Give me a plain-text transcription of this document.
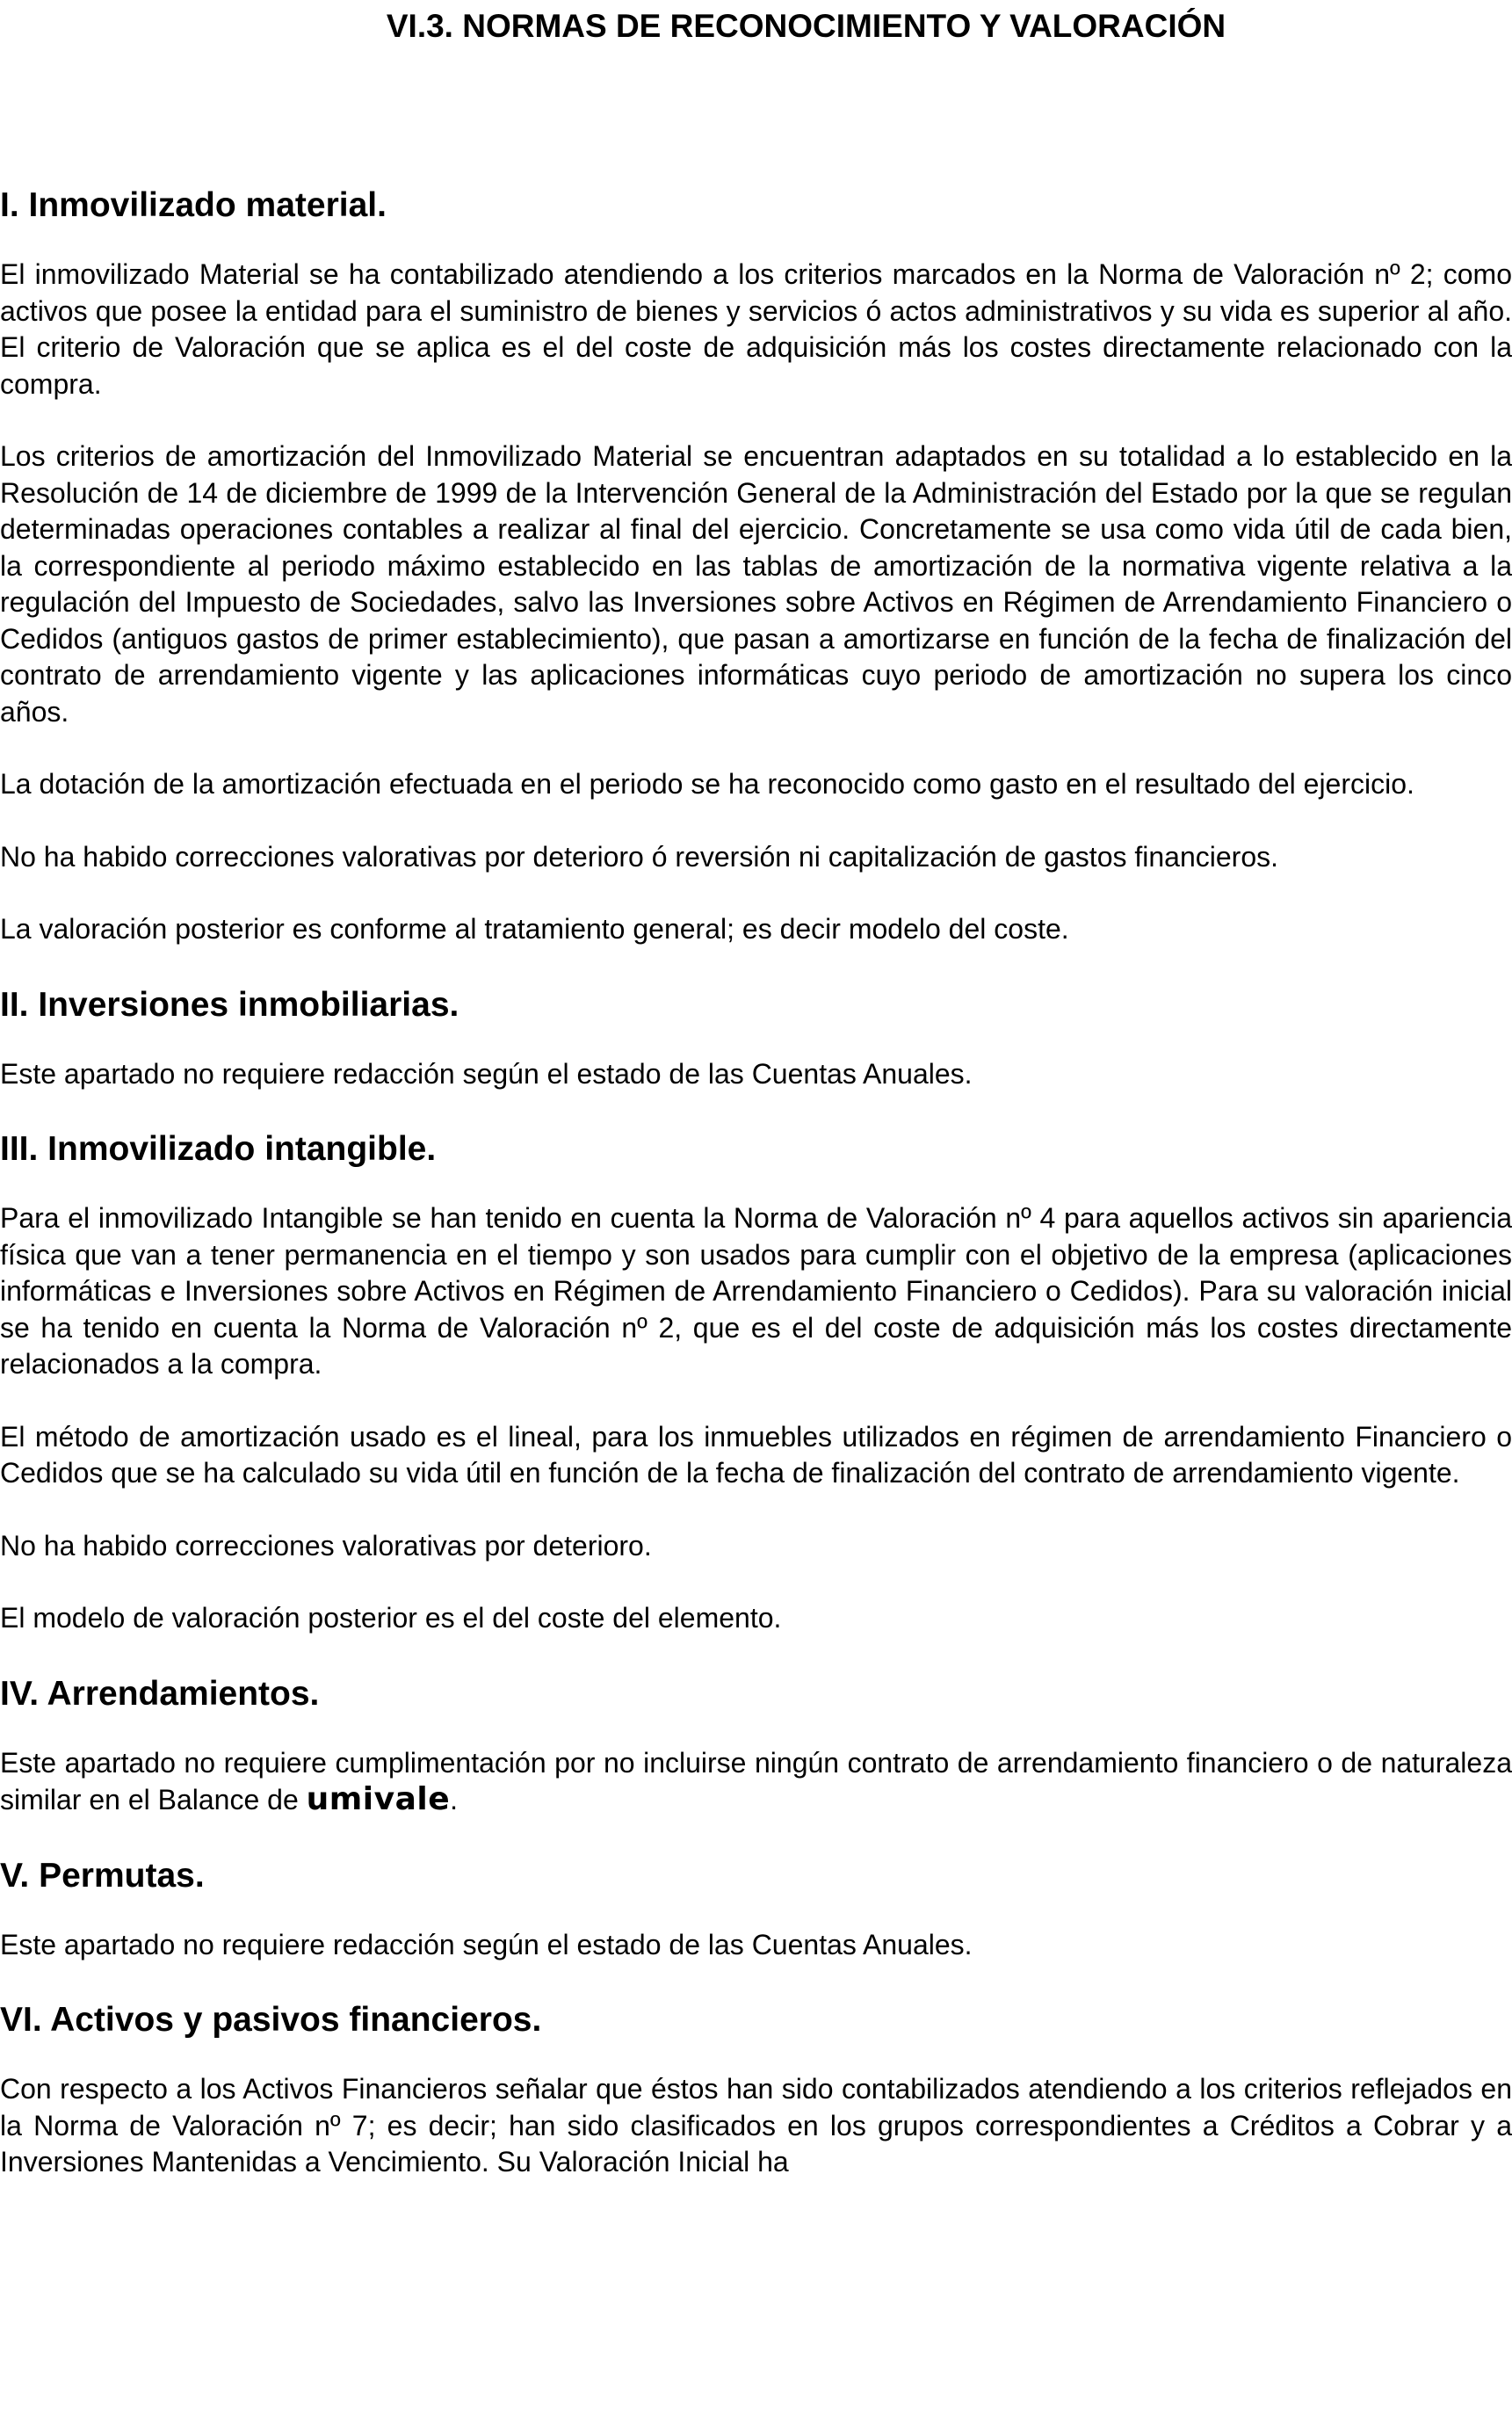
VI.3. NORMAS DE RECONOCIMIENTO Y VALORACIÓN
I. Inmovilizado material.

El inmovilizado Material se ha contabilizado atendiendo a los criterios marcados en la Norma de Valoración nº 2; como activos que posee la entidad para el suministro de bienes y servicios ó actos administrativos y su vida es superior al año. El criterio de Valoración que se aplica es el del coste de adquisición más los costes directamente relacionado con la compra.

Los criterios de amortización del Inmovilizado Material se encuentran adaptados en su totalidad a lo establecido en la Resolución de 14 de diciembre de 1999 de la Intervención General de la Administración del Estado por la que se regulan determinadas operaciones contables a realizar al final del ejercicio. Concretamente se usa como vida útil de cada bien, la correspondiente al periodo máximo establecido en las tablas de amortización de la normativa vigente relativa a la regulación del Impuesto de Sociedades, salvo las Inversiones sobre Activos en Régimen de Arrendamiento Financiero o Cedidos (antiguos gastos de primer establecimiento), que pasan a amortizarse en función de la fecha de finalización del contrato de arrendamiento vigente y las aplicaciones informáticas cuyo periodo de amortización no supera los cinco años.

La dotación de la amortización efectuada en el periodo se ha reconocido como gasto en el resultado del ejercicio.

No ha habido correcciones valorativas por deterioro ó reversión ni capitalización de gastos financieros.

La valoración posterior es conforme al tratamiento general; es decir modelo del coste.

II. Inversiones inmobiliarias.

Este apartado no requiere redacción según el estado de las Cuentas Anuales.

III. Inmovilizado intangible.

Para el inmovilizado Intangible se han tenido en cuenta la Norma de Valoración nº 4 para aquellos activos sin apariencia física que van a tener permanencia en el tiempo y son usados para cumplir con el objetivo de la empresa (aplicaciones informáticas e Inversiones sobre Activos en Régimen de Arrendamiento Financiero o Cedidos). Para su valoración inicial se ha tenido en cuenta la Norma de Valoración nº 2, que es el del coste de adquisición más los costes directamente relacionados a la compra.

El método de amortización usado es el lineal, para los inmuebles utilizados en régimen de arrendamiento Financiero o Cedidos que se ha calculado su vida útil en función de la fecha de finalización del contrato de arrendamiento vigente.

No ha habido correcciones valorativas por deterioro.

El modelo de valoración posterior es el del coste del elemento.

IV. Arrendamientos.

Este apartado no requiere cumplimentación por no incluirse ningún contrato de arrendamiento financiero o de naturaleza similar en el Balance de umivale.

V. Permutas.

Este apartado no requiere redacción según el estado de las Cuentas Anuales.

VI. Activos y pasivos financieros.

Con respecto a los Activos Financieros señalar que éstos han sido contabilizados atendiendo a los criterios reflejados en la Norma de Valoración nº 7; es decir; han sido clasificados en los grupos correspondientes a Créditos a Cobrar y a Inversiones Mantenidas a Vencimiento. Su Valoración Inicial ha
